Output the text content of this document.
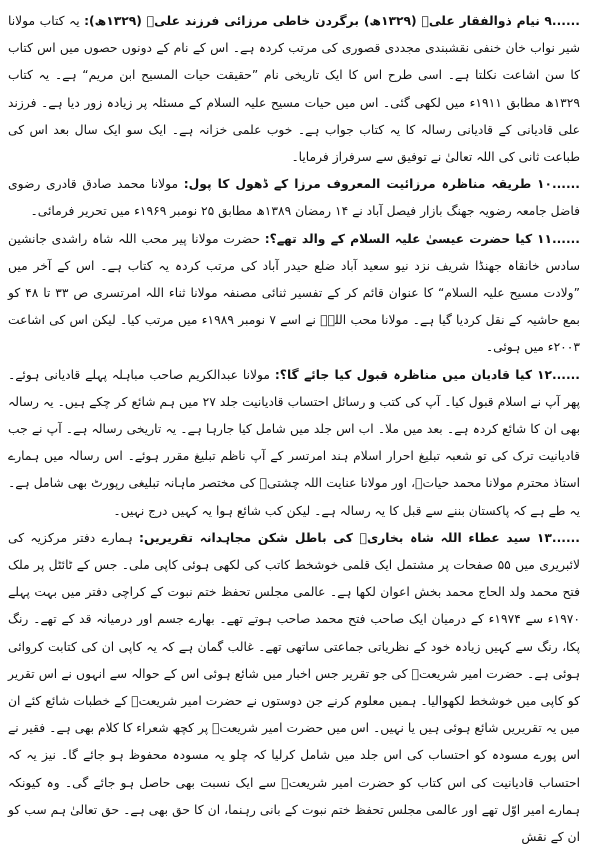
۹...... نیام ذوالفقار علیؒ (۱۳۲۹ھ) برگردن خاطی مرزائی فرزند علیؒ (۱۳۲۹ھ): یہ کتاب مولانا شیر نواب خان خنفی نقشبندی مجددی قصوری کی مرتب کردہ ہے۔ اس کے نام کے دونوں حصوں میں اس کتاب کا سن اشاعت نکلتا ہے۔ اسی طرح اس کا ایک تاریخی نام ”حقیقت حیات المسیح ابن مریم“ ہے۔ یہ کتاب ۱۳۲۹ھ مطابق ۱۹۱۱ء میں لکھی گئی۔ اس میں حیات مسیح علیہ السلام کے مسئلہ پر زیادہ زور دیا ہے۔ فرزند علی قادیانی کے قادیانی رسالہ کا یہ کتاب جواب ہے۔ خوب علمی خزانہ ہے۔ ایک سو ایک سال بعد اس کی طباعت ثانی کی اللہ تعالیٰ نے توفیق سے سرفراز فرمایا۔

۱۰...... طریقہ مناظرہ مرزائیت المعروف مرزا کے ڈھول کا پول: مولانا محمد صادق قادری رضوی فاضل جامعہ رضویہ جھنگ بازار فیصل آباد نے ۱۴ رمضان ۱۳۸۹ھ مطابق ۲۵ نومبر ۱۹۶۹ء میں تحریر فرمائی۔

۱۱...... کیا حضرت عیسیٰ علیہ السلام کے والد تھے؟: حضرت مولانا پیر محب اللہ شاہ راشدی جانشین سادس خانقاہ جھنڈا شریف نزد نیو سعید آباد ضلع حیدر آباد کی مرتب کردہ یہ کتاب ہے۔ اس کے آخر میں ”ولادت مسیح علیہ السلام“ کا عنوان قائم کر کے تفسیر ثنائی مصنفہ مولانا ثناء اللہ امرتسری ص ۳۳ تا ۴۸ کو بمع حاشیہ کے نقل کردیا گیا ہے۔ مولانا محب اللہؒ نے اسے ۷ نومبر ۱۹۸۹ء میں مرتب کیا۔ لیکن اس کی اشاعت ۲۰۰۳ء میں ہوئی۔

۱۲...... کیا قادیان میں مناظرہ قبول کیا جائے گا؟: مولانا عبدالکریم صاحب مباہلہ پہلے قادیانی ہوئے۔ پھر آپ نے اسلام قبول کیا۔ آپ کی کتب و رسائل احتساب قادیانیت جلد ۲۷ میں ہم شائع کر چکے ہیں۔ یہ رسالہ بھی ان کا شائع کردہ ہے۔ بعد میں ملا۔ اب اس جلد میں شامل کیا جارہا ہے۔ یہ تاریخی رسالہ ہے۔ آپ نے جب قادیانیت ترک کی تو شعبہ تبلیغ احرار اسلام ہند امرتسر کے آپ ناظم تبلیغ مقرر ہوئے۔ اس رسالہ میں ہمارے استاذ محترم مولانا محمد حیاتؒ، اور مولانا عنایت اللہ چشتیؒ کی مختصر ماہانہ تبلیغی رپورٹ بھی شامل ہے۔ یہ طے ہے کہ پاکستان بننے سے قبل کا یہ رسالہ ہے۔ لیکن کب شائع ہوا یہ کہیں درج نہیں۔

۱۳...... سید عطاء اللہ شاہ بخاریؒ کی باطل شکن مجاہدانہ تقریریں: ہمارے دفتر مرکزیہ کی لائبریری میں ۵۵ صفحات پر مشتمل ایک قلمی خوشخط کاتب کی لکھی ہوئی کاپی ملی۔ جس کے ٹائٹل پر ملک فتح محمد ولد الحاج محمد بخش اعوان لکھا ہے۔ عالمی مجلس تحفظ ختم نبوت کے کراچی دفتر میں بہت پہلے ۱۹۷۰ء سے ۱۹۷۴ء کے درمیان ایک صاحب فتح محمد صاحب ہوتے تھے۔ بھارے جسم اور درمیانہ قد کے تھے۔ رنگ پکا، رنگ سے کہیں زیادہ خود کے نظریاتی جماعتی ساتھی تھے۔ غالب گمان ہے کہ یہ کاپی ان کی کتابت کروائی ہوئی ہے۔ حضرت امیر شریعتؒ کی جو تقریر جس اخبار میں شائع ہوئی اس کے حوالہ سے انہوں نے اس تقریر کو کاپی میں خوشخط لکھوالیا۔ ہمیں معلوم کرنے جن دوستوں نے حضرت امیر شریعتؒ کے خطبات شائع کئے ان میں یہ تقریریں شائع ہوئی ہیں یا نہیں۔ اس میں حضرت امیر شریعتؒ پر کچھ شعراء کا کلام بھی ہے۔ فقیر نے اس پورے مسودہ کو احتساب کی اس جلد میں شامل کرلیا کہ چلو یہ مسودہ محفوظ ہو جائے گا۔ نیز یہ کہ احتساب قادیانیت کی اس کتاب کو حضرت امیر شریعتؒ سے ایک نسبت بھی حاصل ہو جائے گی۔ وہ کیونکہ ہمارے امیر اوّل تھے اور عالمی مجلس تحفظ ختم نبوت کے بانی رہنما، ان کا حق بھی ہے۔ حق تعالیٰ ہم سب کو ان کے نقش
